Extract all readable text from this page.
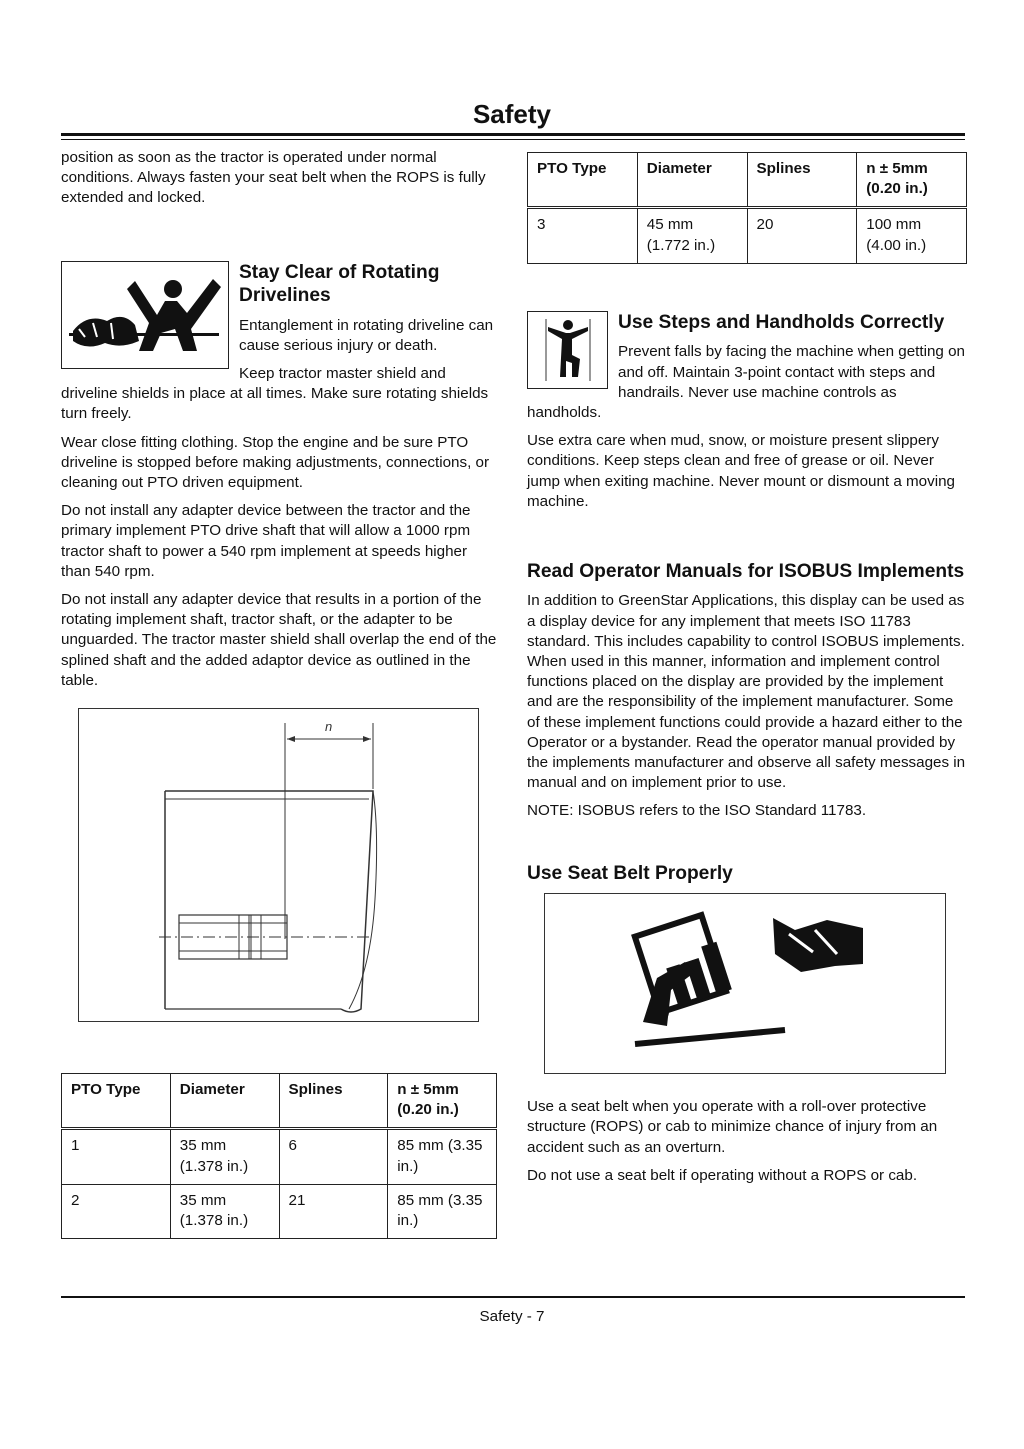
Safety

position as soon as the tractor is operated under normal conditions. Always fasten your seat belt when the ROPS is fully extended and locked.

Stay Clear of Rotating Drivelines

Entanglement in rotating driveline can cause serious injury or death.

Keep tractor master shield and driveline shields in place at all times. Make sure rotating shields turn freely.

Wear close fitting clothing. Stop the engine and be sure PTO driveline is stopped before making adjustments, connections, or cleaning out PTO driven equipment.

Do not install any adapter device between the tractor and the primary implement PTO drive shaft that will allow a 1000 rpm tractor shaft to power a 540 rpm implement at speeds higher than 540 rpm.

Do not install any adapter device that results in a portion of the rotating implement shaft, tractor shaft, or the adapter to be unguarded. The tractor master shield shall overlap the end of the splined shaft and the added adaptor device as outlined in the table.

n
PTO Type	Diameter	Splines	n ± 5mm (0.20 in.)
1	35 mm (1.378 in.)	6	85 mm (3.35 in.)
2	35 mm (1.378 in.)	21	85 mm (3.35 in.)
PTO Type	Diameter	Splines	n ± 5mm (0.20 in.)
3	45 mm (1.772 in.)	20	100 mm (4.00 in.)
Use Steps and Handholds Correctly

Prevent falls by facing the machine when getting on and off. Maintain 3-point contact with steps and handrails. Never use machine controls as handholds.

Use extra care when mud, snow, or moisture present slippery conditions. Keep steps clean and free of grease or oil. Never jump when exiting machine. Never mount or dismount a moving machine.

Read Operator Manuals for ISOBUS Implements

In addition to GreenStar Applications, this display can be used as a display device for any implement that meets ISO 11783 standard. This includes capability to control ISOBUS implements. When used in this manner, information and implement control functions placed on the display are provided by the implement and are the responsibility of the implement manufacturer. Some of these implement functions could provide a hazard either to the Operator or a bystander. Read the operator manual provided by the implements manufacturer and observe all safety messages in manual and on implement prior to use.

NOTE: ISOBUS refers to the ISO Standard 11783.

Use Seat Belt Properly

Use a seat belt when you operate with a roll-over protective structure (ROPS) or cab to minimize chance of injury from an accident such as an overturn.

Do not use a seat belt if operating without a ROPS or cab.

Safety - 7
